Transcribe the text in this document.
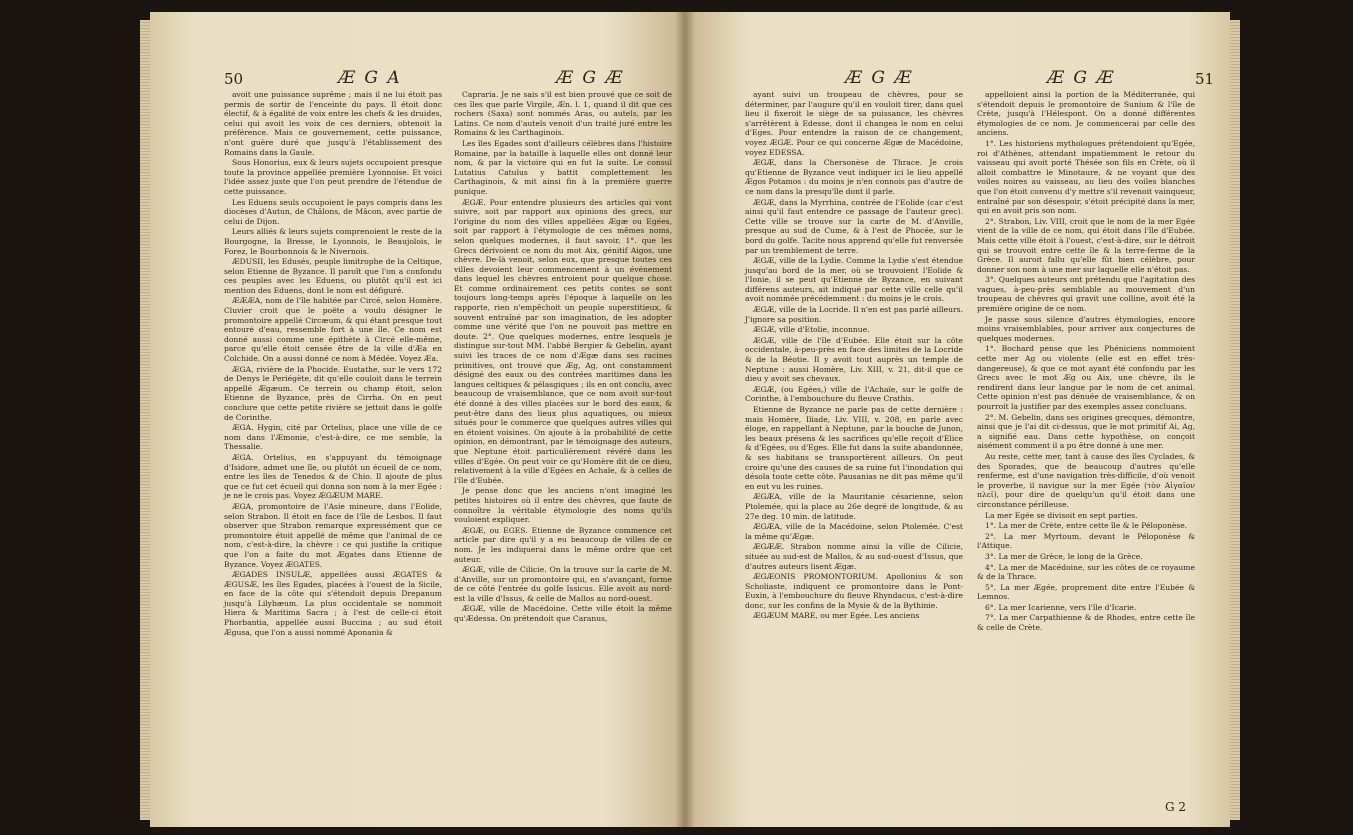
50	Æ G A	Æ G Æ

avoit une puissance suprême ; mais il ne lui étoit pas permis de sortir de l'enceinte du pays. Il étoit donc électif, & à égalité de voix entre les chefs & les druides, celui qui avoit les voix de ces derniers, obtenoit la préférence. Mais ce gouvernement, cette puissance, n'ont guère duré que jusqu'à l'établissement des Romains dans la Gaule.

Sous Honorius, eux & leurs sujets occupoient presque toute la province appellée première Lyonnoise. Et voici l'idée assez juste que l'on peut prendre de l'étendue de cette puissance.

Les Eduens seuls occupoient le pays compris dans les diocèses d'Autun, de Châlons, de Mâcon, avec partie de celui de Dijon.

Leurs alliés & leurs sujets comprenoient le reste de la Bourgogne, la Bresse, le Lyonnois, le Beaujolois, le Forez, le Bourbonnois & le Nivernois.

ÆDUSII, les Edusés, peuple limitrophe de la Celtique, selon Etienne de Byzance. Il paroît que l'on a confondu ces peuples avec les Eduens, ou plutôt qu'il est ici mention des Eduens, dont le nom est défiguré.

ÆÆÆA, nom de l'île habitée par Circé, selon Homère. Cluvier croit que le poëte a voulu désigner le promontoire appellé Circæum, & qui étant presque tout entouré d'eau, ressemble fort à une île. Ce nom est donné aussi comme une épithète à Circé elle-même, parce qu'elle étoit censée être de la ville d'Æa en Colchide. On a aussi donné ce nom à Médée. Voyez Æa.

ÆGA, rivière de la Phocide. Eustathe, sur le vers 172 de Denys le Periégète, dit qu'elle couloit dans le terrein appellé Ægæum. Ce terrein ou champ étoit, selon Etienne de Byzance, près de Cirrha. On en peut conclure que cette petite rivière se jettoit dans le golfe de Corinthe.

ÆGA. Hygin, cité par Ortelius, place une ville de ce nom dans l'Æmonie, c'est-à-dire, ce me semble, la Thessalie.

ÆGA. Ortelius, en s'appuyant du témoignage d'Isidore, admet une île, ou plutôt un écueil de ce nom, entre les îles de Tenedos & de Chio. Il ajoute de plus que ce fut cet écueil qui donna son nom à la mer Egée : je ne le crois pas. Voyez ÆGÆUM MARE.

ÆGA, promontoire de l'Asie mineure, dans l'Eolide, selon Strabon. Il étoit en face de l'île de Lesbos. Il faut observer que Strabon remarque expressément que ce promontoire étoit appellé de même que l'animal de ce nom, c'est-à-dire, la chèvre : ce qui justifie la critique que l'on a faite du mot Ægates dans Etienne de Byzance. Voyez ÆGATES.

ÆGADES INSULÆ, appellées aussi ÆGATES & ÆGUSÆ, les îles Egades, placées à l'ouest de la Sicile, en face de la côte qui s'étendoit depuis Drepanum jusqu'à Lilybæum. La plus occidentale se nommoit Hiera & Maritima Sacra ; à l'est de celle-ci étoit Phorbantia, appellée aussi Buccina ; au sud étoit Ægusa, que l'on a aussi nommé Aponania &

Capraria. Je ne sais s'il est bien prouvé que ce soit de ces îles que parle Virgile, Æn. l. 1, quand il dit que ces rochers (Saxa) sont nommés Aras, ou autels, par les Latins. Ce nom d'autels venoit d'un traité juré entre les Romains & les Carthaginois.

Les îles Egades sont d'ailleurs célèbres dans l'histoire Romaine, par la bataille à laquelle elles ont donné leur nom, & par la victoire qui en fut la suite. Le consul Lutatius Catulus y battit complettement les Carthaginois, & mit ainsi fin à la première guerre punique.

ÆGÆ. Pour entendre plusieurs des articles qui vont suivre, soit par rapport aux opinions des grecs, sur l'origine du nom des villes appellées Ægæ ou Egées, soit par rapport à l'étymologie de ces mêmes noms, selon quelques modernes, il faut savoir, 1°. que les Grecs dérivoient ce nom du mot Aix, génitif Aigos, une chèvre. De-là venoit, selon eux, que presque toutes ces villes devoient leur commencement à un événement dans lequel les chèvres entroient pour quelque chose. Et comme ordinairement ces petits contes se sont toujours long-temps après l'époque à laquelle on les rapporte, rien n'empêchoit un peuple superstitieux, & souvent entraîné par son imagination, de les adopter comme une vérité que l'on ne pouvoit pas mettre en doute. 2°. Que quelques modernes, entre lesquels je distingue sur-tout MM. l'abbé Bergier & Gebelin, ayant suivi les traces de ce nom d'Ægæ dans ses racines primitives, ont trouvé que Æg, Ag, ont constamment désigné des eaux ou des contrées maritimes dans les langues celtiques & pélasgiques ; ils en ont conclu, avec beaucoup de vraisemblance, que ce nom avoit sur-tout été donné à des villes placées sur le bord des eaux, & peut-être dans des lieux plus aquatiques, ou mieux situés pour le commerce que quelques autres villes qui en étoient voisines. On ajoute à la probabilité de cette opinion, en démontrant, par le témoignage des auteurs, que Neptune étoit particulièrement révéré dans les villes d'Egée. On peut voir ce qu'Homère dit de ce dieu, relativement à la ville d'Egées en Achaïe, & à celles de l'île d'Eubée.

Je pense donc que les anciens n'ont imaginé les petites histoires où il entre des chèvres, que faute de connoître la véritable étymologie des noms qu'ils vouloient expliquer.

ÆGÆ, ou EGES. Etienne de Byzance commence cet article par dire qu'il y a eu beaucoup de villes de ce nom. Je les indiquerai dans le même ordre que cet auteur.

ÆGÆ, ville de Cilicie. On la trouve sur la carte de M. d'Anville, sur un promontoire qui, en s'avançant, forme de ce côté l'entrée du golfe Issicus. Elle avoit au nord-est la ville d'Issus, & celle de Mallos au nord-ouest.

ÆGÆ, ville de Macédoine. Cette ville étoit la même qu'Ædessa. On prétendoit que Caranus,

Æ G Æ	Æ G Æ	51

ayant suivi un troupeau de chèvres, pour se déterminer, par l'augure qu'il en vouloit tirer, dans quel lieu il fixeroit le siège de sa puissance, les chèvres s'arrêtèrent à Edesse, dont il changea le nom en celui d'Eges. Pour entendre la raison de ce changement, voyez ÆGÆ. Pour ce qui concerne Ægæ de Macédoine, voyez EDESSA.

ÆGÆ, dans la Chersonèse de Thrace. Je crois qu'Etienne de Byzance veut indiquer ici le lieu appellé Ægos Potamos : du moins je n'en connois pas d'autre de ce nom dans la presqu'île dont il parle.

ÆGÆ, dans la Myrrhina, contrée de l'Eolide (car c'est ainsi qu'il faut entendre ce passage de l'auteur grec). Cette ville se trouve sur la carte de M. d'Anville, presque au sud de Cume, & à l'est de Phocée, sur le bord du golfe. Tacite nous apprend qu'elle fut renversée par un tremblement de terre.

ÆGÆ, ville de la Lydie. Comme la Lydie s'est étendue jusqu'au bord de la mer, où se trouvoient l'Eolide & l'Ionie, il se peut qu'Etienne de Byzance, en suivant différens auteurs, ait indiqué par cette ville celle qu'il avoit nommée précédemment : du moins je le crois.

ÆGÆ, ville de la Locride. Il n'en est pas parlé ailleurs. J'ignore sa position.

ÆGÆ, ville d'Etolie, inconnue.

ÆGÆ, ville de l'île d'Eubée. Elle étoit sur la côte occidentale, à-peu-près en face des limites de la Locride & de la Béotie. Il y avoit tout auprès un temple de Neptune : aussi Homère, Liv. XIII, v. 21, dit-il que ce dieu y avoit ses chevaux.

ÆGÆ, (ou Egées,) ville de l'Achaïe, sur le golfe de Corinthe, à l'embouchure du fleuve Crathis.

Etienne de Byzance ne parle pas de cette dernière : mais Homère, Iliade, Liv. VIII, v. 208, en parle avec éloge, en rappellant à Neptune, par la bouche de Junon, les beaux présens & les sacrifices qu'elle reçoit d'Elice & d'Egées, ou d'Eges. Elle fut dans la suite abandonnée, & ses habitans se transportèrent ailleurs. On peut croire qu'une des causes de sa ruine fut l'inondation qui désola toute cette côte. Pausanias ne dit pas même qu'il en eut vu les ruines.

ÆGÆA, ville de la Mauritanie césarienne, selon Ptolemée, qui la place au 26e degré de longitude, & au 27e deg. 10 min. de latitude.

ÆGÆA, ville de la Macédoine, selon Ptolemée. C'est la même qu'Ægæ.

ÆGÆÆ. Strabon nomme ainsi la ville de Cilicie, située au sud-est de Mallos, & au sud-ouest d'Issus, que d'autres auteurs lisent Ægæ.

ÆGÆONIS PROMONTORIUM. Apollonius & son Scholiaste, indiquent ce promontoire dans le Pont-Euxin, à l'embouchure du fleuve Rhyndacus, c'est-à-dire donc, sur les confins de la Mysie & de la Bythinie.

ÆGÆUM MARE, ou mer Egée. Les anciens

appelloient ainsi la portion de la Méditerranée, qui s'étendoit depuis le promontoire de Sunium & l'île de Crète, jusqu'à l'Hélespont. On a donné différentes étymologies de ce nom. Je commencerai par celle des anciens.

1°. Les historiens mythologues prétendoient qu'Egée, roi d'Athènes, attendant impatiemment le retour du vaisseau qui avoit porté Thésée son fils en Crète, où il alloit combattre le Minotaure, & ne voyant que des voiles noires au vaisseau, au lieu des voiles blanches que l'on étoit convenu d'y mettre s'il revenoit vainqueur, entraîné par son désespoir, s'étoit précipité dans la mer, qui en avoit pris son nom.

2°. Strabon, Liv. VIII, croit que le nom de la mer Egée vient de la ville de ce nom, qui étoit dans l'île d'Eubée. Mais cette ville étoit à l'ouest, c'est-à-dire, sur le détroit qui se trouvoit entre cette île & la terre-ferme de la Grèce. Il auroit fallu qu'elle fût bien célèbre, pour donner son nom à une mer sur laquelle elle n'étoit pas.

3°. Quelques auteurs ont prétendu que l'agitation des vagues, à-peu-près semblable au mouvement d'un troupeau de chèvres qui gravit une colline, avoit été la première origine de ce nom.

Je passe sous silence d'autres étymologies, encore moins vraisemblables, pour arriver aux conjectures de quelques modernes.

1°. Bochard pense que les Phéniciens nommoient cette mer Ag ou violente (elle est en effet très-dangereuse), & que ce mot ayant été confondu par les Grecs avec le mot Æg ou Aix, une chèvre, ils le rendirent dans leur langue par le nom de cet animal. Cette opinion n'est pas dénuée de vraisemblance, & on pourroit la justifier par des exemples assez concluans.

2°. M. Gebelin, dans ses origines grecques, démontre, ainsi que je l'ai dit ci-dessus, que le mot primitif Ai, Ag, a signifié eau. Dans cette hypothèse, on conçoit aisément comment il a pu être donné à une mer.

Au reste, cette mer, tant à cause des îles Cyclades, & des Sporades, que de beaucoup d'autres qu'elle renferme, est d'une navigation très-difficile, d'où venoit le proverbe, il navigue sur la mer Egée (τὸν Αἰγαῖον πλεῖ), pour dire de quelqu'un qu'il étoit dans une circonstance périlleuse.

La mer Egée se divisoit en sept parties.

1°. La mer de Crète, entre cette île & le Péloponèse.

2°. La mer Myrtoum, devant le Péloponèse & l'Attique.

3°. La mer de Grèce, le long de la Grèce.

4°. La mer de Macédoine, sur les côtes de ce royaume & de la Thrace.

5°. La mer Ægée, proprement dite entre l'Eubée & Lemnos.

6°. La mer Icarienne, vers l'île d'Icarie.

7°. La mer Carpathienne & de Rhodes, entre cette île & celle de Crète.

G 2
